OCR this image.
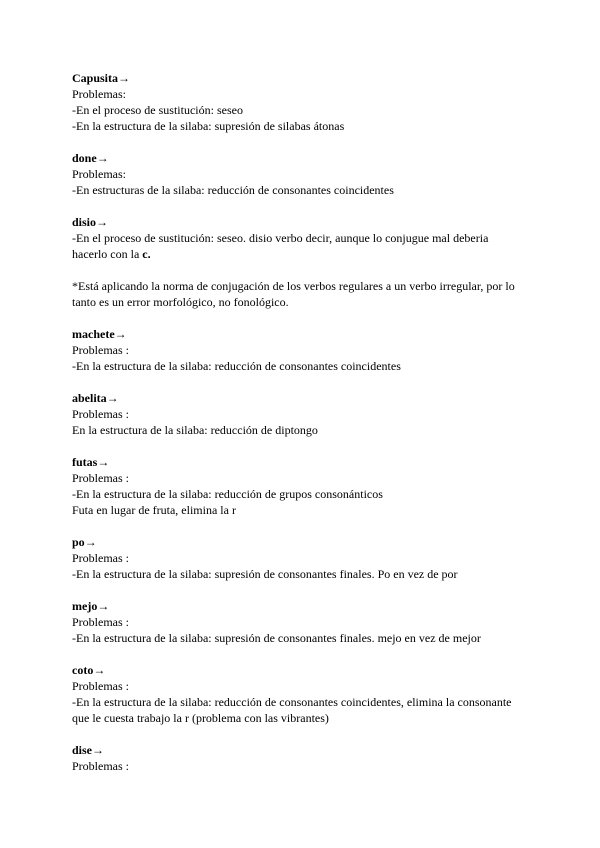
Capusita→
Problemas:
-En el proceso de sustitución: seseo
-En la estructura de la silaba: supresión de silabas átonas
done→
Problemas:
-En estructuras de la silaba: reducción de consonantes coincidentes
disio→
-En el proceso de sustitución: seseo. disio verbo decir, aunque lo conjugue mal deberia
hacerlo con la c.
*Está aplicando la norma de conjugación de los verbos regulares a un verbo irregular, por lo
tanto es un error morfológico, no fonológico.
machete→
Problemas :
-En la estructura de la silaba: reducción de consonantes coincidentes
abelita→
Problemas :
En la estructura de la silaba: reducción de diptongo
futas→
Problemas :
-En la estructura de la silaba: reducción de grupos consonánticos
Futa en lugar de fruta, elimina la r
po→
Problemas :
-En la estructura de la silaba: supresión de consonantes finales. Po en vez de por
mejo→
Problemas :
-En la estructura de la silaba: supresión de consonantes finales. mejo en vez de mejor
coto→
Problemas :
-En la estructura de la silaba: reducción de consonantes coincidentes, elimina la consonante
que le cuesta trabajo la r (problema con las vibrantes)
dise→
Problemas :
